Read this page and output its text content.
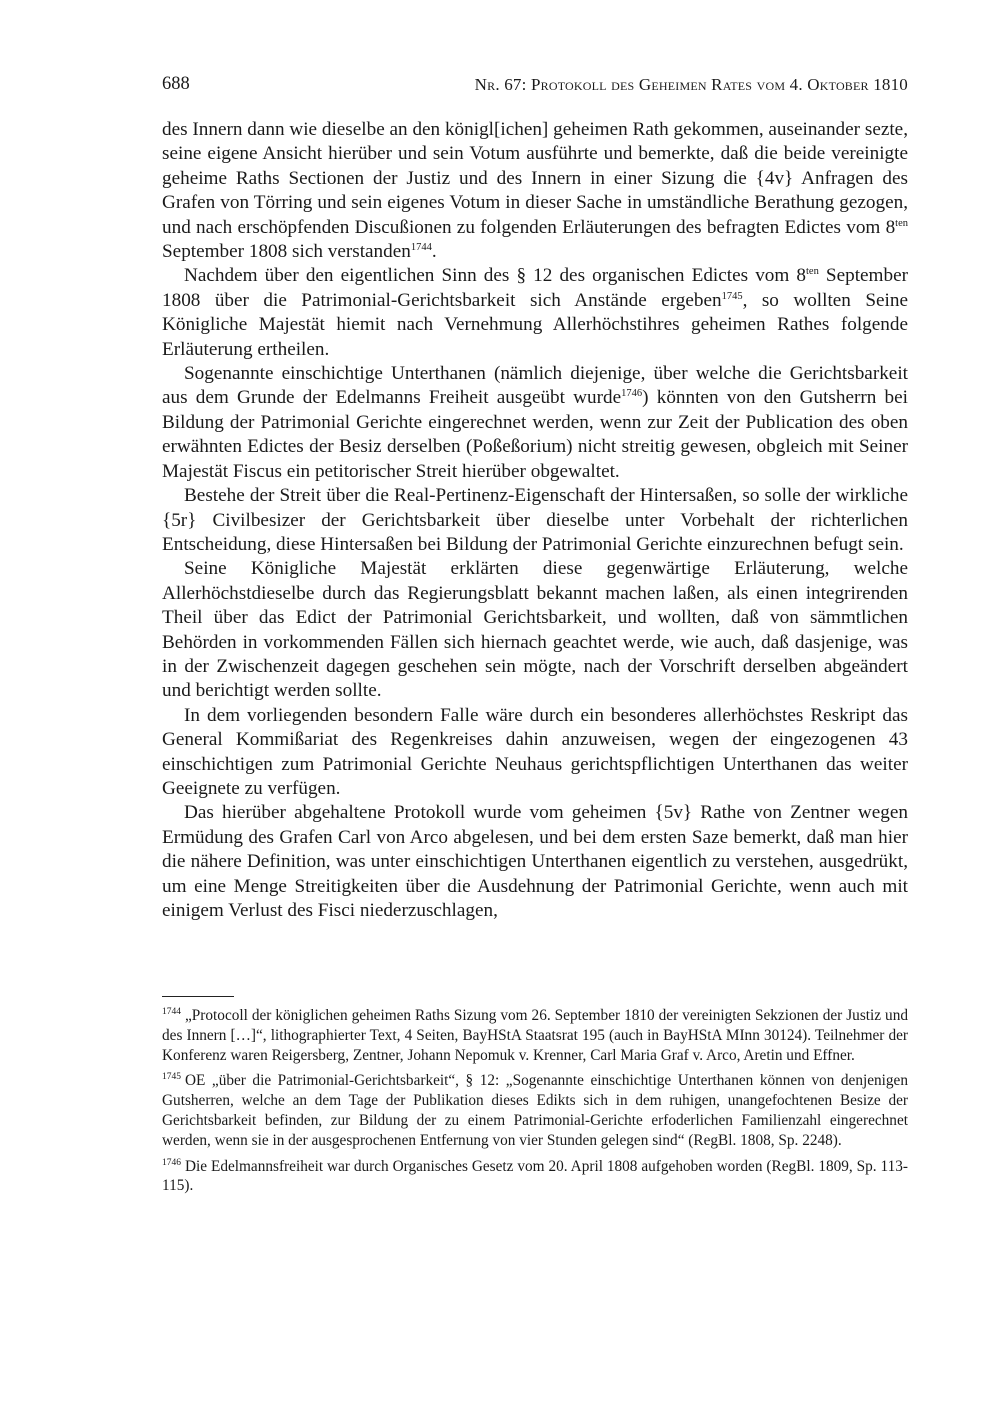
688	Nr. 67: Protokoll des Geheimen Rates vom 4. Oktober 1810

des Innern dann wie dieselbe an den königl[ichen] geheimen Rath gekommen, auseinander sezte, seine eigene Ansicht hierüber und sein Votum ausführte und bemerkte, daß die beide vereinigte geheime Raths Sectionen der Justiz und des Innern in einer Sizung die {4v} Anfragen des Grafen von Törring und sein eigenes Votum in dieser Sache in umständliche Berathung gezogen, und nach erschöpfenden Discußionen zu folgenden Erläuterungen des befragten Edictes vom $8^{ten}$ September 1808 sich verstanden$^{1744}$.

Nachdem über den eigentlichen Sinn des § 12 des organischen Edictes vom $8^{ten}$ September 1808 über die Patrimonial-Gerichtsbarkeit sich Anstände ergeben$^{1745}$, so wollten Seine Königliche Majestät hiemit nach Vernehmung Allerhöchstihres geheimen Rathes folgende Erläuterung ertheilen.

Sogenannte einschichtige Unterthanen (nämlich diejenige, über welche die Gerichtsbarkeit aus dem Grunde der Edelmanns Freiheit ausgeübt wurde$^{1746}$) könnten von den Gutsherrn bei Bildung der Patrimonial Gerichte eingerechnet werden, wenn zur Zeit der Publication des oben erwähnten Edictes der Besiz derselben (Poßeßorium) nicht streitig gewesen, obgleich mit Seiner Majestät Fiscus ein petitorischer Streit hierüber obgewaltet.

Bestehe der Streit über die Real-Pertinenz-Eigenschaft der Hintersaßen, so solle der wirkliche {5r} Civilbesizer der Gerichtsbarkeit über dieselbe unter Vorbehalt der richterlichen Entscheidung, diese Hintersaßen bei Bildung der Patrimonial Gerichte einzurechnen befugt sein.

Seine Königliche Majestät erklärten diese gegenwärtige Erläuterung, welche Allerhöchstdieselbe durch das Regierungsblatt bekannt machen laßen, als einen integrirenden Theil über das Edict der Patrimonial Gerichtsbarkeit, und wollten, daß von sämmtlichen Behörden in vorkommenden Fällen sich hiernach geachtet werde, wie auch, daß dasjenige, was in der Zwischenzeit dagegen geschehen sein mögte, nach der Vorschrift derselben abgeändert und berichtigt werden sollte.

In dem vorliegenden besondern Falle wäre durch ein besonderes allerhöchstes Reskript das General Kommißariat des Regenkreises dahin anzuweisen, wegen der eingezogenen 43 einschichtigen zum Patrimonial Gerichte Neuhaus gerichtspflichtigen Unterthanen das weiter Geeignete zu verfügen.

Das hierüber abgehaltene Protokoll wurde vom geheimen {5v} Rathe von Zentner wegen Ermüdung des Grafen Carl von Arco abgelesen, und bei dem ersten Saze bemerkt, daß man hier die nähere Definition, was unter einschichtigen Unterthanen eigentlich zu verstehen, ausgedrükt, um eine Menge Streitigkeiten über die Ausdehnung der Patrimonial Gerichte, wenn auch mit einigem Verlust des Fisci niederzuschlagen,

$^{1744}$ „Protocoll der königlichen geheimen Raths Sizung vom 26. September 1810 der vereinigten Sekzionen der Justiz und des Innern […]“, lithographierter Text, 4 Seiten, BayHStA Staatsrat 195 (auch in BayHStA MInn 30124). Teilnehmer der Konferenz waren Reigersberg, Zentner, Johann Nepomuk v. Krenner, Carl Maria Graf v. Arco, Aretin und Effner.

$^{1745}$ OE „über die Patrimonial-Gerichtsbarkeit“, § 12: „Sogenannte einschichtige Unterthanen können von denjenigen Gutsherren, welche an dem Tage der Publikation dieses Edikts sich in dem ruhigen, unangefochtenen Besize der Gerichtsbarkeit befinden, zur Bildung der zu einem Patrimonial-Gerichte erfoderlichen Familienzahl eingerechnet werden, wenn sie in der ausgesprochenen Entfernung von vier Stunden gelegen sind“ (RegBl. 1808, Sp. 2248).

$^{1746}$ Die Edelmannsfreiheit war durch Organisches Gesetz vom 20. April 1808 aufgehoben worden (RegBl. 1809, Sp. 113-115).
